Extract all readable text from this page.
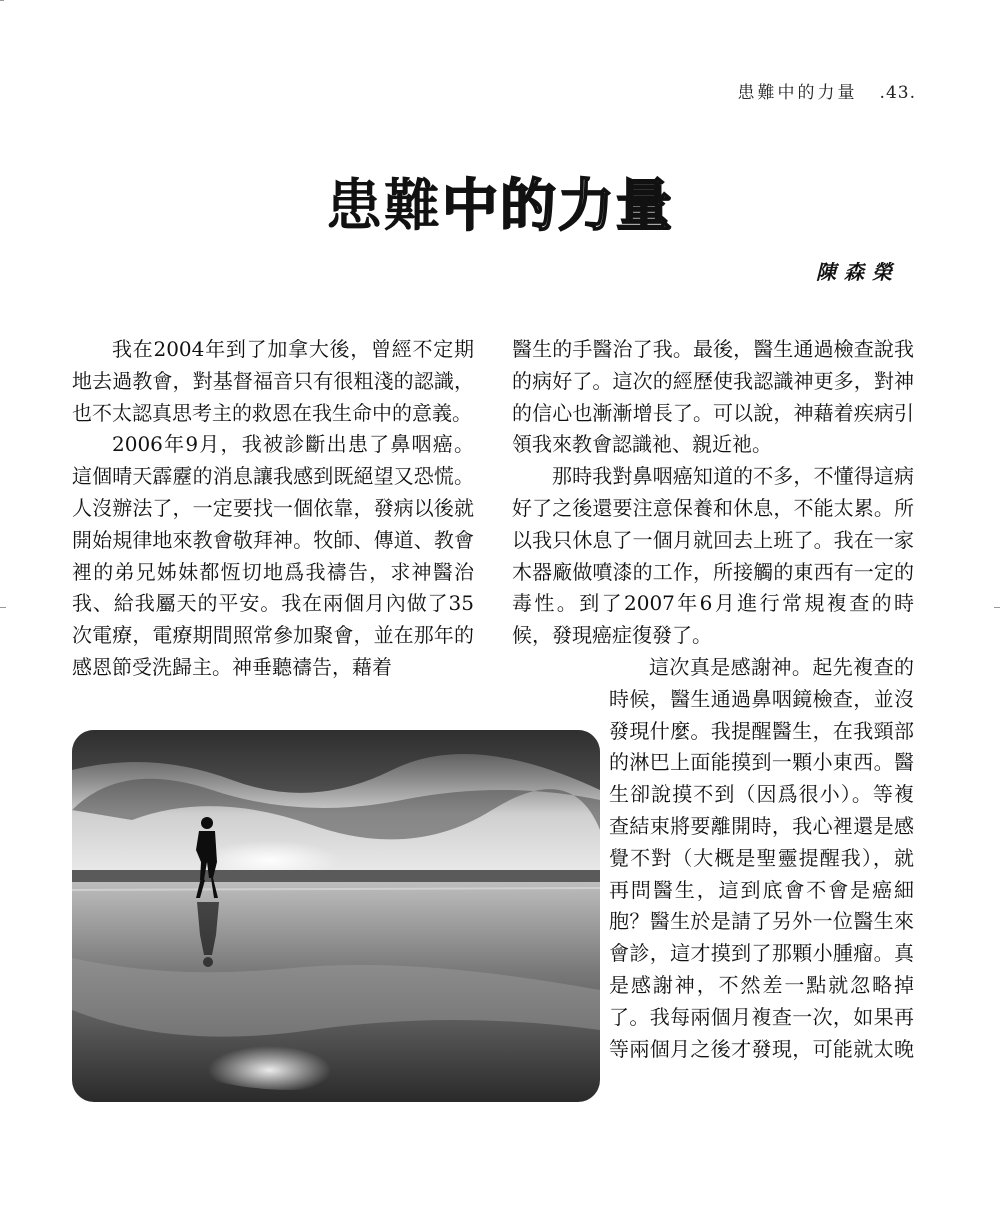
患難中的力量 .43.
患難中的力量

陳森榮

我在2004年到了加拿大後，曾經不定期地去過教會，對基督福音只有很粗淺的認識，也不太認真思考主的救恩在我生命中的意義。

2006年9月，我被診斷出患了鼻咽癌。這個晴天霹靂的消息讓我感到既絕望又恐慌。人沒辦法了，一定要找一個依靠，發病以後就開始規律地來教會敬拜神。牧師、傳道、教會裡的弟兄姊妹都恆切地爲我禱告，求神醫治我、給我屬天的平安。我在兩個月內做了35次電療，電療期間照常參加聚會，並在那年的感恩節受洗歸主。神垂聽禱告，藉着

醫生的手醫治了我。最後，醫生通過檢查說我的病好了。這次的經歷使我認識神更多，對神的信心也漸漸增長了。可以說，神藉着疾病引領我來教會認識祂、親近祂。

那時我對鼻咽癌知道的不多，不懂得這病好了之後還要注意保養和休息，不能太累。所以我只休息了一個月就回去上班了。我在一家木器廠做噴漆的工作，所接觸的東西有一定的毒性。到了2007年6月進行常規複查的時候，發現癌症復發了。

這次真是感謝神。起先複查的時候，醫生通過鼻咽鏡檢查，並沒發現什麼。我提醒醫生，在我頸部的淋巴上面能摸到一顆小東西。醫生卻說摸不到（因爲很小）。等複查結束將要離開時，我心裡還是感覺不對（大概是聖靈提醒我），就再問醫生，這到底會不會是癌細胞？醫生於是請了另外一位醫生來會診，這才摸到了那顆小腫瘤。真是感謝神，不然差一點就忽略掉了。我每兩個月複查一次，如果再等兩個月之後才發現，可能就太晚
